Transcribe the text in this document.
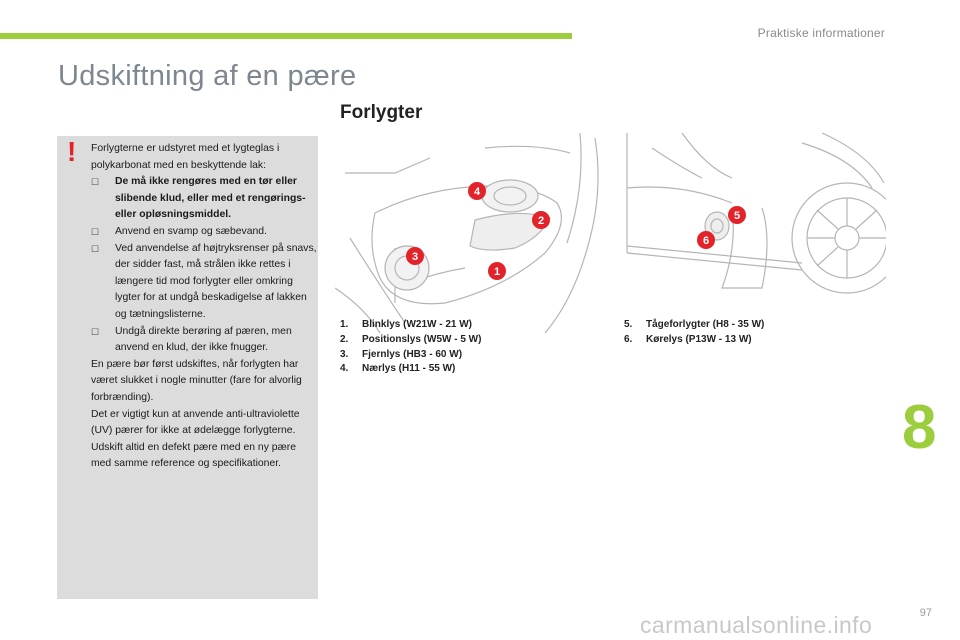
Praktiske informationer
Udskiftning af en pære
Forlygter
! Forlygterne er udstyret med et lygteglas i polykarbonat med en beskyttende lak:

☐ De må ikke rengøres med en tør eller slibende klud, eller med et rengørings- eller opløsningsmiddel.
☐ Anvend en svamp og sæbevand.
☐ Ved anvendelse af højtryksrenser på snavs, der sidder fast, må strålen ikke rettes i længere tid mod forlygter eller omkring lygter for at undgå beskadigelse af lakken og tætningslisterne.
☐ Undgå direkte berøring af pæren, men anvend en klud, der ikke fnugger.

En pære bør først udskiftes, når forlygten har været slukket i nogle minutter (fare for alvorlig forbrænding).

Det er vigtigt kun at anvende anti-ultraviolette (UV) pærer for ikke at ødelægge forlygterne.

Udskift altid en defekt pære med en ny pære med samme reference og specifikationer.

4
2
3
1
5
6
1.	Blinklys (W21W - 21 W)
2.	Positionslys (W5W - 5 W)
3.	Fjernlys (HB3 - 60 W)
4.	Nærlys (H11 - 55 W)
5.	Tågeforlygter (H8 - 35 W)
6.	Kørelys (P13W - 13 W)
8
carmanualsonline.info	97
